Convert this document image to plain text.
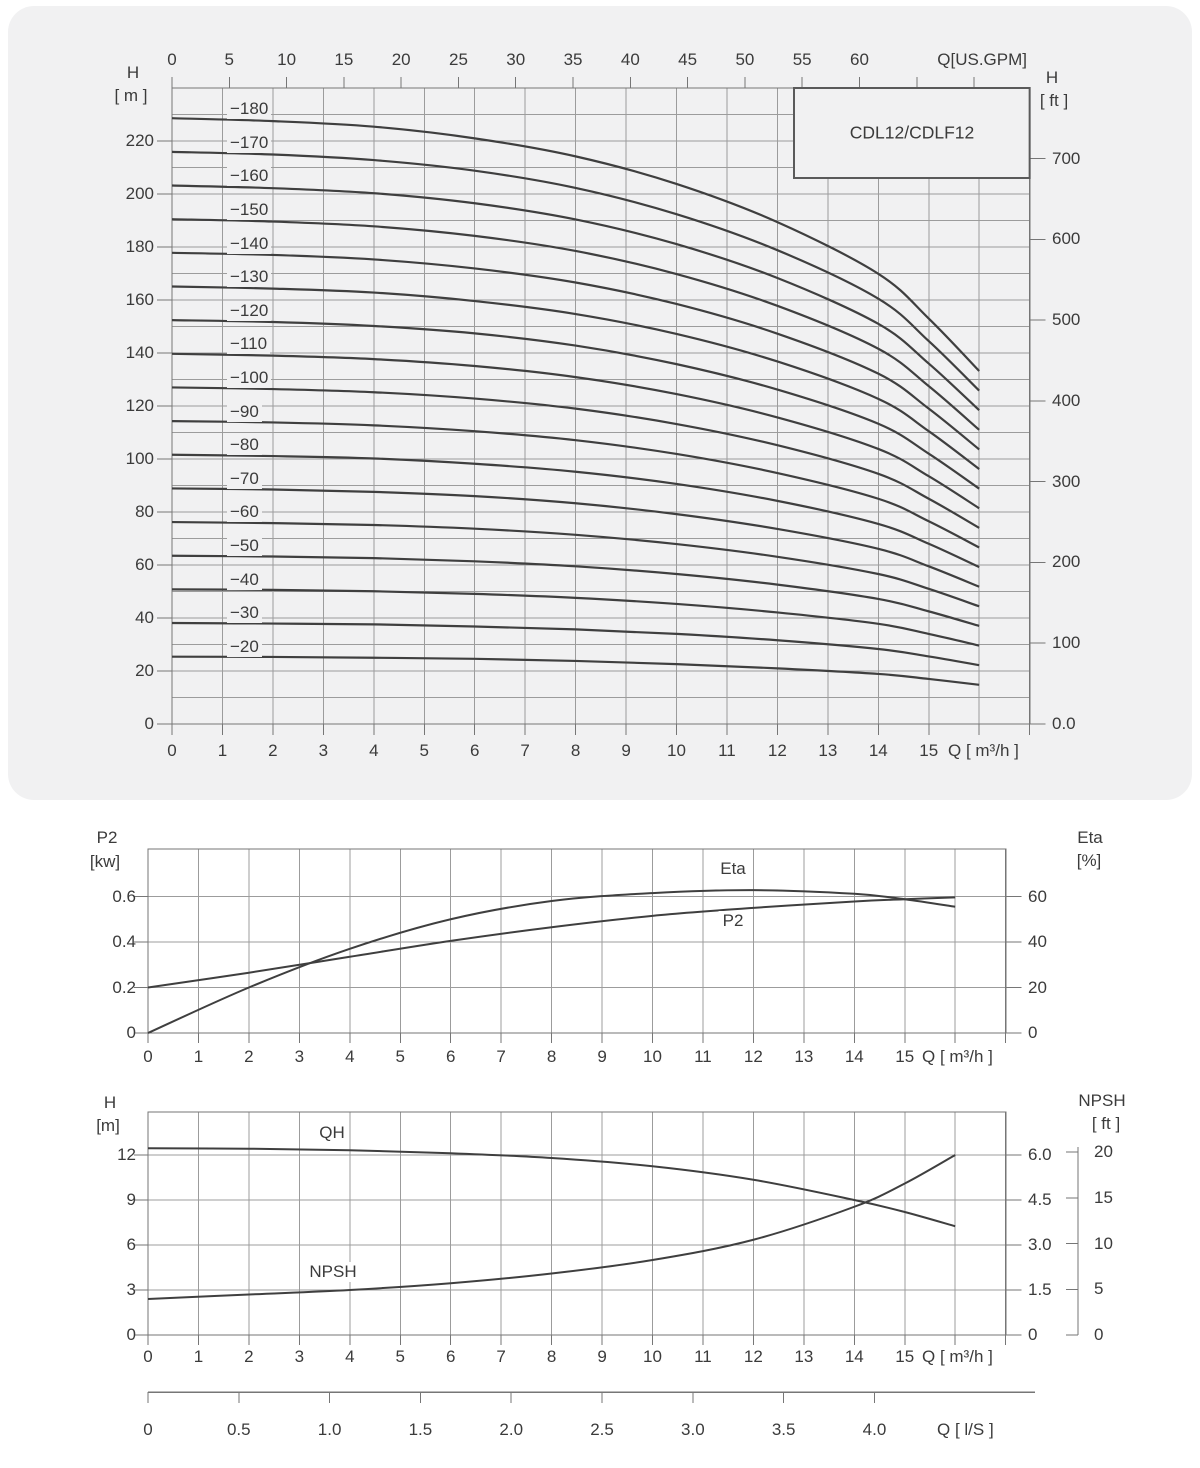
H
[ m ]
Q[US.GPM]
H
[ ft ]
CDL12/CDLF12
Q [ m³/h ]
P2
[kw]
Eta
[%]
Q [ m³/h ]
H
[m]
NPSH
[ ft ]
Q [ m³/h ]
Q [ l/S ]
0	5	10 15 20 25 30 35 40 45 50 55 60
0
20
40
60
80
100
120
140
160
180
200
220
0.0
100
200
300
400
500
600
700
0 1 2 3 4 5 6 7 8 9 10 11 12 13 14 15
−180
−170
−160
−150
−140
−130
−120
−110
−100
−90
−80
−70
−60
−50
−40
−30
−20
0.6
0.4
0.2
0
60
40
20
0
0 1 2 3 4 5 6 7 8 9 10 11 12 13 14 15
Eta
P2
12
9
6
3
0
6.0
4.5
3.0
1.5
0
20
15
10
5
0
0 1 2 3 4 5 6 7 8 9 10 11 12 13 14 15
0	0.5	1.0	1.5	2.0	2.5	3.0	3.5	4.0
QH
NPSH
